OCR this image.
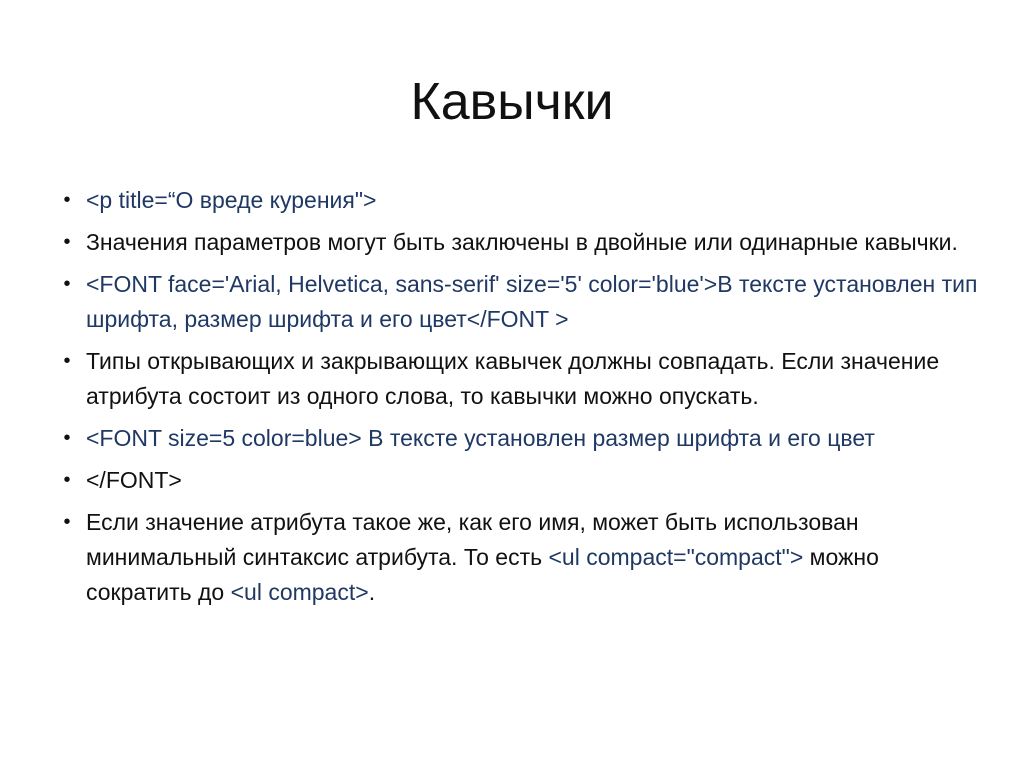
Кавычки
• <p title=“О вреде курения">
• Значения параметров могут быть заключены в двойные или одинарные кавычки.
• <FONT face='Arial, Helvetica, sans-serif' size='5' color='blue'>В тексте установлен тип шрифта, размер шрифта и его цвет</FONT >
• Типы открывающих и закрывающих кавычек должны совпадать. Если значение атрибута состоит из одного слова, то кавычки можно опускать.
• <FONT size=5 color=blue> В тексте установлен размер шрифта и его цвет
• </FONT>
• Если значение атрибута такое же, как его имя, может быть использован минимальный синтаксис атрибута. То есть <ul compact="compact"> можно сократить до <ul compact>.
